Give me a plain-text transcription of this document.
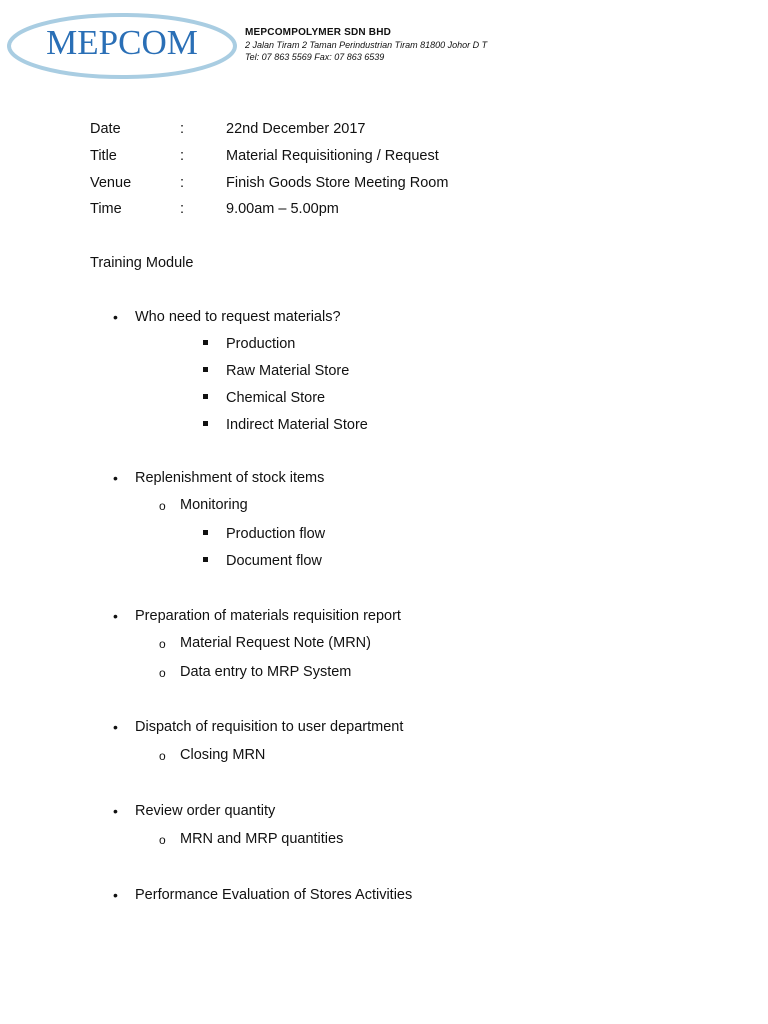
MEPCOM	MEPCOMPOLYMER SDN BHD
2 Jalan Tiram 2 Taman Perindustrian Tiram 81800 Johor D T
Tel: 07 863 5569 Fax: 07 863 6539
Date	:	22nd December 2017
Title	:	Material Requisitioning / Request
Venue	:	Finish Goods Store Meeting Room
Time	:	9.00am – 5.00pm
Training Module
• Who need to request materials?
Production
Raw Material Store
Chemical Store
Indirect Material Store
• Replenishment of stock items
o Monitoring
Production flow
Document flow
• Preparation of materials requisition report
o Material Request Note (MRN)
o Data entry to MRP System
• Dispatch of requisition to user department
o Closing MRN
• Review order quantity
o MRN and MRP quantities
• Performance Evaluation of Stores Activities
